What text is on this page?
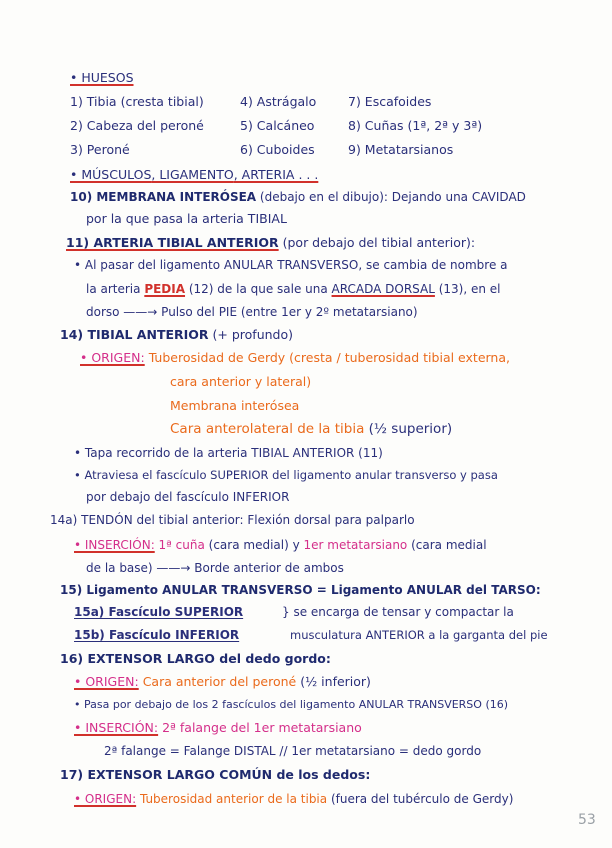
• HUESOS
1) Tibia (cresta tibial)	4) Astrágalo	7) Escafoides
2) Cabeza del peroné	5) Calcáneo	8) Cuñas (1ª, 2ª y 3ª)
3) Peroné	6) Cuboides	9) Metatarsianos
• MÚSCULOS, LIGAMENTO, ARTERIA . . .
10) MEMBRANA INTERÓSEA (debajo en el dibujo): Dejando una CAVIDAD
por la que pasa la arteria TIBIAL
11) ARTERIA TIBIAL ANTERIOR (por debajo del tibial anterior):
• Al pasar del ligamento ANULAR TRANSVERSO, se cambia de nombre a
la arteria PEDIA (12) de la que sale una ARCADA DORSAL (13), en el
dorso ——→ Pulso del PIE (entre 1er y 2º metatarsiano)
14) TIBIAL ANTERIOR (+ profundo)
• ORIGEN: Tuberosidad de Gerdy (cresta / tuberosidad tibial externa,
cara anterior y lateral)
Membrana interósea
Cara anterolateral de la tibia (½ superior)
• Tapa recorrido de la arteria TIBIAL ANTERIOR (11)
• Atraviesa el fascículo SUPERIOR del ligamento anular transverso y pasa
por debajo del fascículo INFERIOR
14a) TENDÓN del tibial anterior: Flexión dorsal para palparlo
• INSERCIÓN: 1ª cuña (cara medial) y 1er metatarsiano (cara medial
de la base) ——→ Borde anterior de ambos
15) Ligamento ANULAR TRANSVERSO = Ligamento ANULAR del TARSO:
15a) Fascículo SUPERIOR	} se encarga de tensar y compactar la
15b) Fascículo INFERIOR	musculatura ANTERIOR a la garganta del pie
16) EXTENSOR LARGO del dedo gordo:
• ORIGEN: Cara anterior del peroné (½ inferior)
• Pasa por debajo de los 2 fascículos del ligamento ANULAR TRANSVERSO (16)
• INSERCIÓN: 2ª falange del 1er metatarsiano
2ª falange = Falange DISTAL // 1er metatarsiano = dedo gordo
17) EXTENSOR LARGO COMÚN de los dedos:
• ORIGEN: Tuberosidad anterior de la tibia (fuera del tubérculo de Gerdy)
53
